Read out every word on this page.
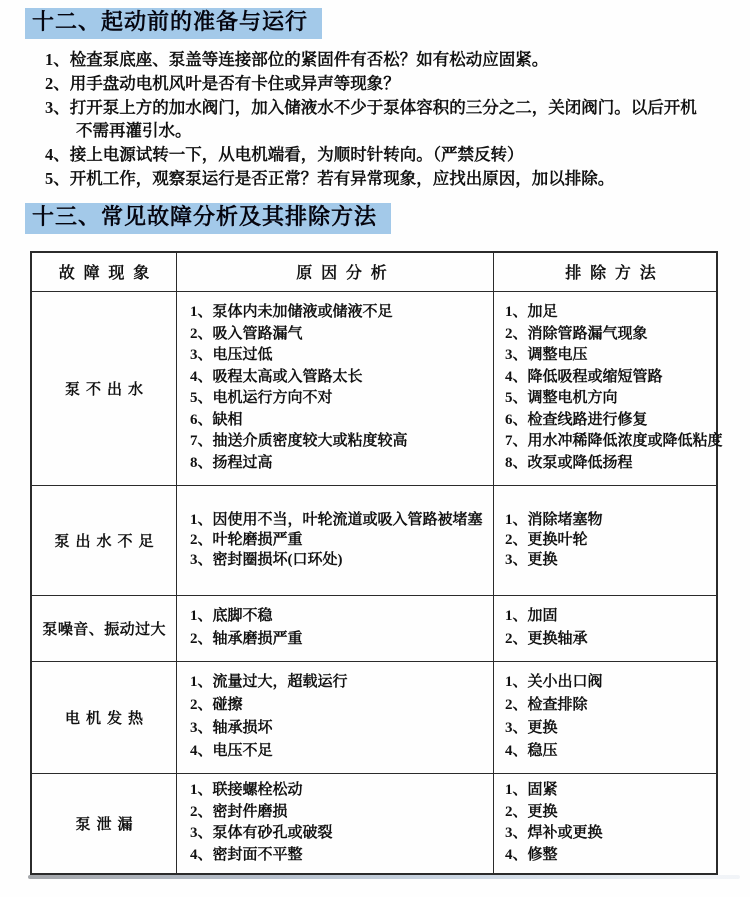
十二、起动前的准备与运行
1、检查泵底座、泵盖等连接部位的紧固件有否松？如有松动应固紧。
2、用手盘动电机风叶是否有卡住或异声等现象？
3、打开泵上方的加水阀门，加入储液水不少于泵体容积的三分之二，关闭阀门。以后开机不需再灌引水。
4、接上电源试转一下，从电机端看，为顺时针转向。（严禁反转）
5、开机工作，观察泵运行是否正常？若有异常现象，应找出原因，加以排除。
十三、常见故障分析及其排除方法
故障现象	原因分析	排除方法
泵不出水
1、泵体内未加储液或储液不足
2、吸入管路漏气
3、电压过低
4、吸程太高或入管路太长
5、电机运行方向不对
6、缺相
7、抽送介质密度较大或粘度较高
8、扬程过高
1、加足
2、消除管路漏气现象
3、调整电压
4、降低吸程或缩短管路
5、调整电机方向
6、检查线路进行修复
7、用水冲稀降低浓度或降低粘度
8、改泵或降低扬程
泵出水不足
1、因使用不当，叶轮流道或吸入管路被堵塞
2、叶轮磨损严重
3、密封圈损坏(口环处)
1、消除堵塞物
2、更换叶轮
3、更换
泵噪音、振动过大
1、底脚不稳
2、轴承磨损严重
1、加固
2、更换轴承
电机发热
1、流量过大，超载运行
2、碰擦
3、轴承损坏
4、电压不足
1、关小出口阀
2、检查排除
3、更换
4、稳压
泵泄漏
1、联接螺栓松动
2、密封件磨损
3、泵体有砂孔或破裂
4、密封面不平整
1、固紧
2、更换
3、焊补或更换
4、修整
